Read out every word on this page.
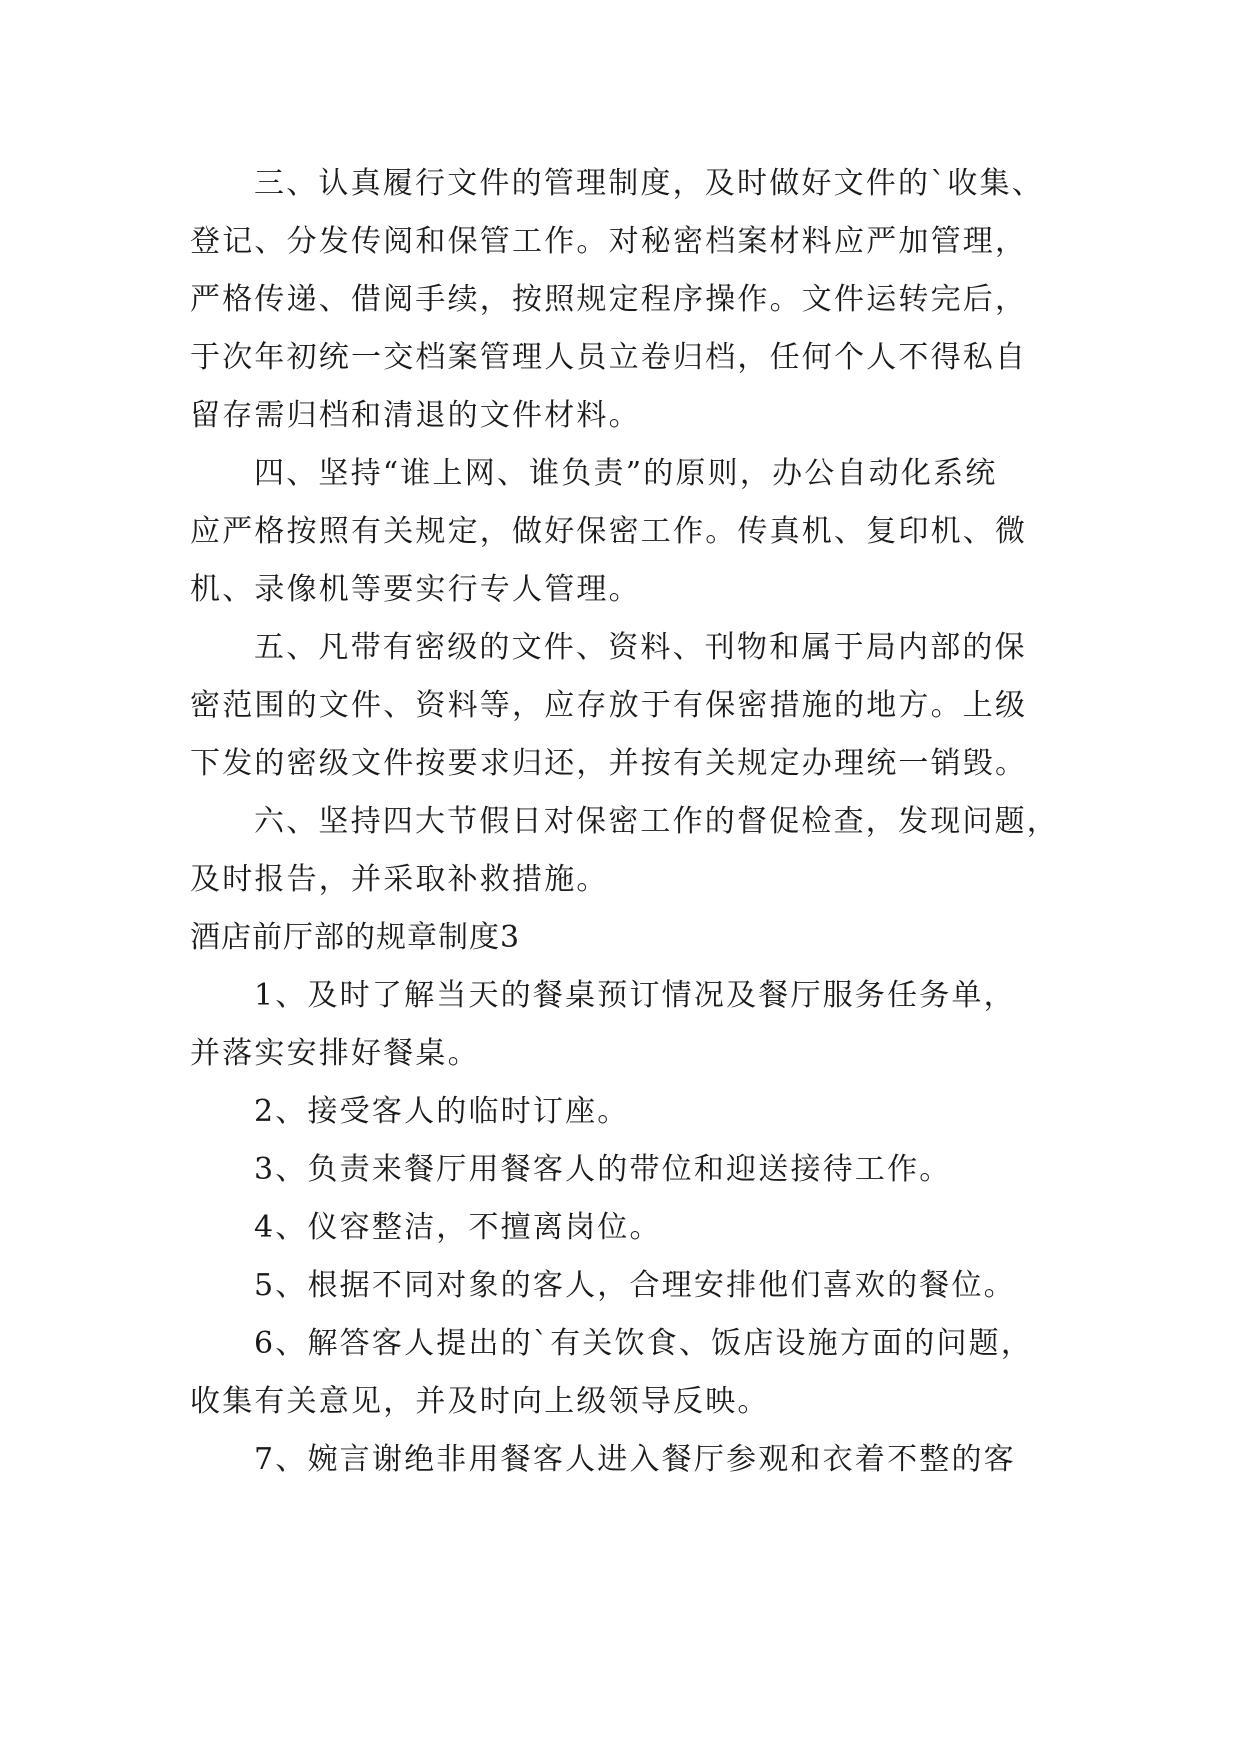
三、认真履行文件的管理制度，及时做好文件的`收集、
登记、分发传阅和保管工作。对秘密档案材料应严加管理，
严格传递、借阅手续，按照规定程序操作。文件运转完后，
于次年初统一交档案管理人员立卷归档，任何个人不得私自
留存需归档和清退的文件材料。

四、坚持“谁上网、谁负责”的原则，办公自动化系统
应严格按照有关规定，做好保密工作。传真机、复印机、微
机、录像机等要实行专人管理。

五、凡带有密级的文件、资料、刊物和属于局内部的保
密范围的文件、资料等，应存放于有保密措施的地方。上级
下发的密级文件按要求归还，并按有关规定办理统一销毁。

六、坚持四大节假日对保密工作的督促检查，发现问题，
及时报告，并采取补救措施。

酒店前厅部的规章制度3

1、及时了解当天的餐桌预订情况及餐厅服务任务单，
并落实安排好餐桌。

2、接受客人的临时订座。

3、负责来餐厅用餐客人的带位和迎送接待工作。

4、仪容整洁，不擅离岗位。

5、根据不同对象的客人，合理安排他们喜欢的餐位。

6、解答客人提出的`有关饮食、饭店设施方面的问题，
收集有关意见，并及时向上级领导反映。

7、婉言谢绝非用餐客人进入餐厅参观和衣着不整的客
